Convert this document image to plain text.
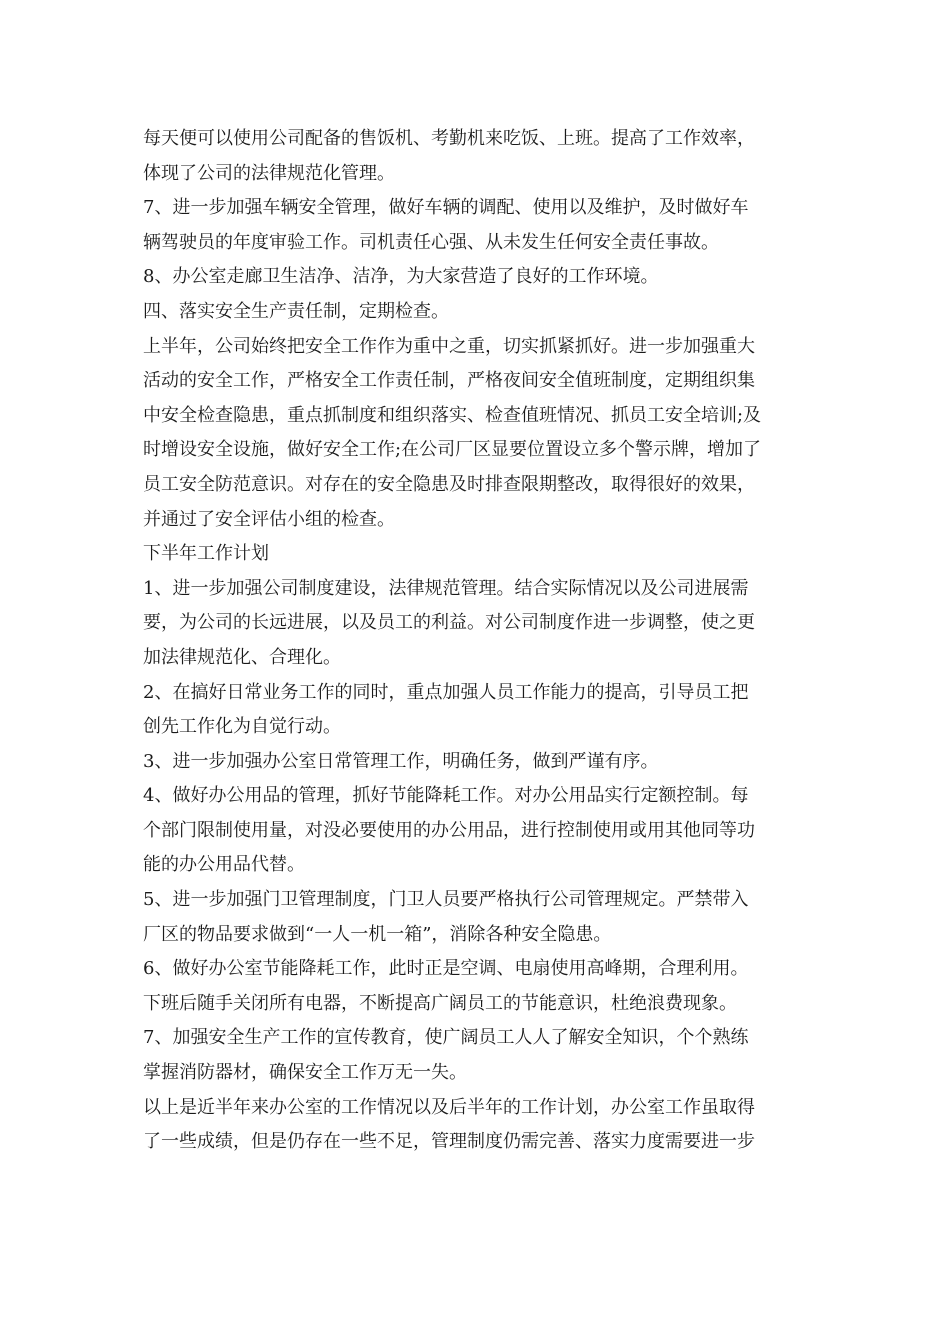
每天便可以使用公司配备的售饭机、考勤机来吃饭、上班。提高了工作效率，
体现了公司的法律规范化管理。
7、进一步加强车辆安全管理，做好车辆的调配、使用以及维护，及时做好车
辆驾驶员的年度审验工作。司机责任心强、从未发生任何安全责任事故。
8、办公室走廊卫生洁净、洁净，为大家营造了良好的工作环境。
四、落实安全生产责任制，定期检查。
上半年，公司始终把安全工作作为重中之重，切实抓紧抓好。进一步加强重大
活动的安全工作，严格安全工作责任制，严格夜间安全值班制度，定期组织集
中安全检查隐患，重点抓制度和组织落实、检查值班情况、抓员工安全培训;及
时增设安全设施，做好安全工作;在公司厂区显要位置设立多个警示牌，增加了
员工安全防范意识。对存在的安全隐患及时排查限期整改，取得很好的效果，
并通过了安全评估小组的检查。
下半年工作计划
1、进一步加强公司制度建设，法律规范管理。结合实际情况以及公司进展需
要，为公司的长远进展，以及员工的利益。对公司制度作进一步调整，使之更
加法律规范化、合理化。
2、在搞好日常业务工作的同时，重点加强人员工作能力的提高，引导员工把
创先工作化为自觉行动。
3、进一步加强办公室日常管理工作，明确任务，做到严谨有序。
4、做好办公用品的管理，抓好节能降耗工作。对办公用品实行定额控制。每
个部门限制使用量，对没必要使用的办公用品，进行控制使用或用其他同等功
能的办公用品代替。
5、进一步加强门卫管理制度，门卫人员要严格执行公司管理规定。严禁带入
厂区的物品要求做到“一人一机一箱”，消除各种安全隐患。
6、做好办公室节能降耗工作，此时正是空调、电扇使用高峰期，合理利用。
下班后随手关闭所有电器，不断提高广阔员工的节能意识，杜绝浪费现象。
7、加强安全生产工作的宣传教育，使广阔员工人人了解安全知识，个个熟练
掌握消防器材，确保安全工作万无一失。
以上是近半年来办公室的工作情况以及后半年的工作计划，办公室工作虽取得
了一些成绩，但是仍存在一些不足，管理制度仍需完善、落实力度需要进一步
